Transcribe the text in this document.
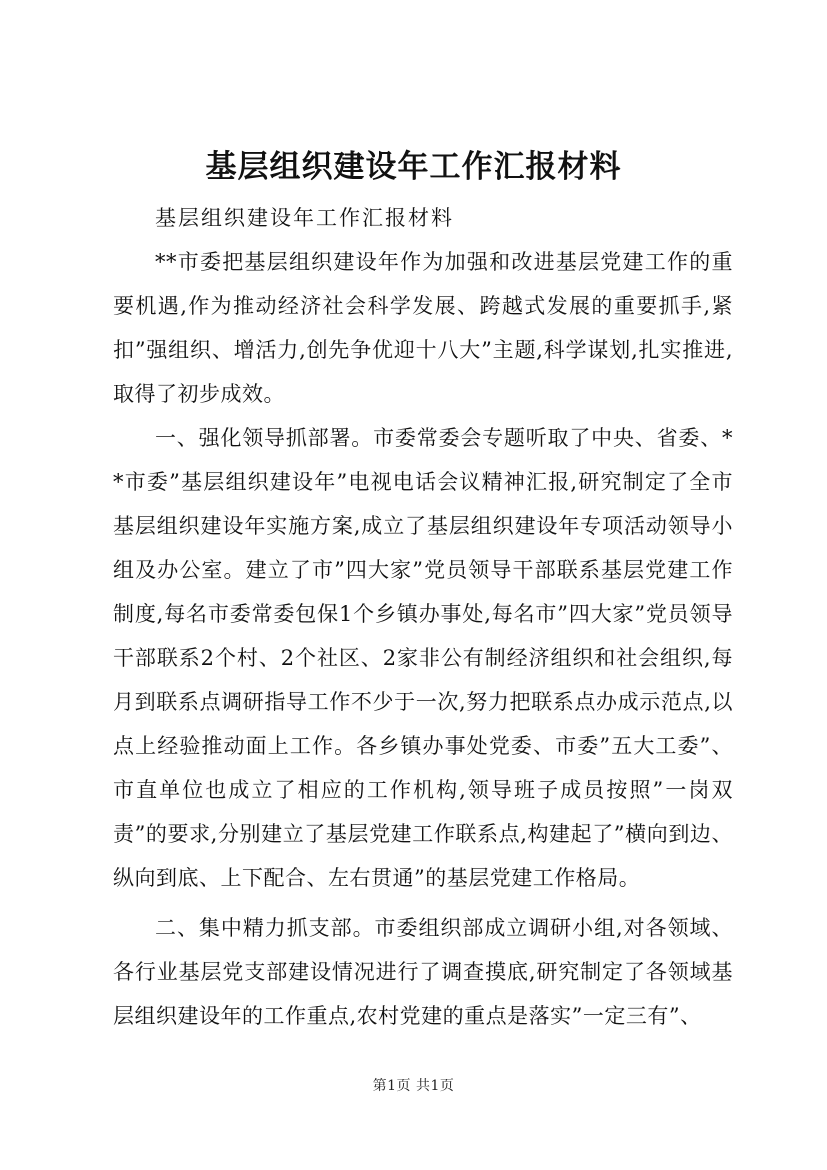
基层组织建设年工作汇报材料

基层组织建设年工作汇报材料

**市委把基层组织建设年作为加强和改进基层党建工作的重要机遇,作为推动经济社会科学发展、跨越式发展的重要抓手,紧扣”强组织、增活力,创先争优迎十八大”主题,科学谋划,扎实推进,取得了初步成效。

一、强化领导抓部署。市委常委会专题听取了中央、省委、**市委”基层组织建设年”电视电话会议精神汇报,研究制定了全市基层组织建设年实施方案,成立了基层组织建设年专项活动领导小组及办公室。建立了市”四大家”党员领导干部联系基层党建工作制度,每名市委常委包保1个乡镇办事处,每名市”四大家”党员领导干部联系2个村、2个社区、2家非公有制经济组织和社会组织,每月到联系点调研指导工作不少于一次,努力把联系点办成示范点,以点上经验推动面上工作。各乡镇办事处党委、市委”五大工委”、市直单位也成立了相应的工作机构,领导班子成员按照”一岗双责”的要求,分别建立了基层党建工作联系点,构建起了”横向到边、纵向到底、上下配合、左右贯通”的基层党建工作格局。

二、集中精力抓支部。市委组织部成立调研小组,对各领域、各行业基层党支部建设情况进行了调查摸底,研究制定了各领域基层组织建设年的工作重点,农村党建的重点是落实”一定三有”、

第1页 共1页
